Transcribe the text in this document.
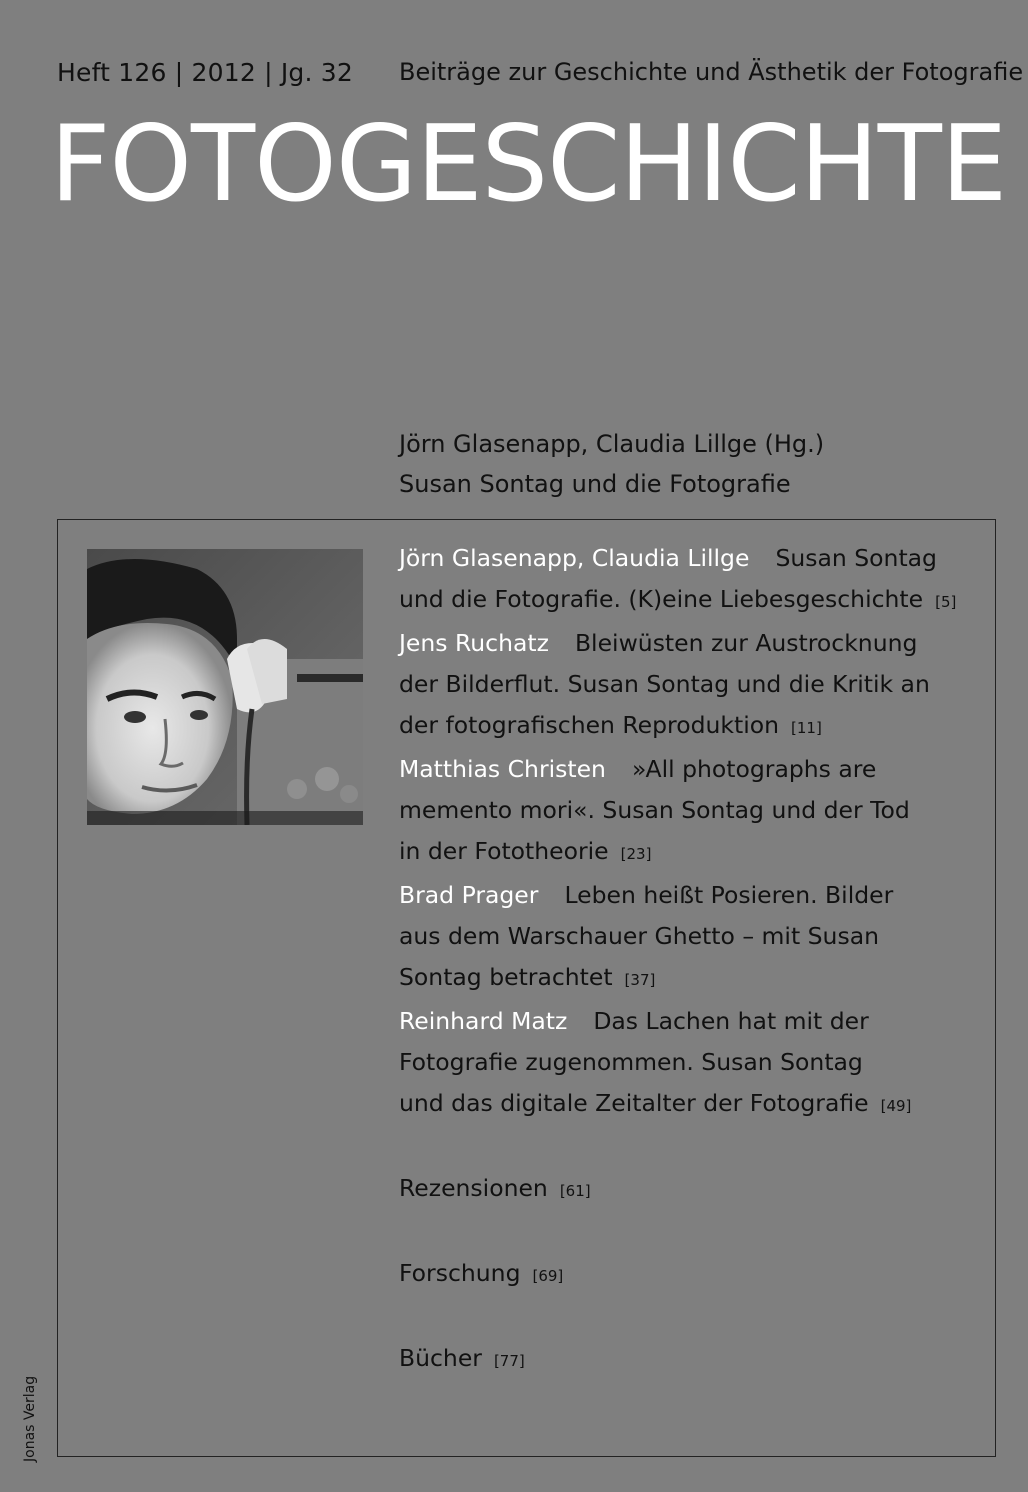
Heft 126 | 2012 | Jg. 32 Beiträge zur Geschichte und Ästhetik der Fotografie
FOTOGESCHICHTE
Jörn Glasenapp, Claudia Lillge (Hg.)
Susan Sontag und die Fotografie
Jörn Glasenapp, Claudia Lillge Susan Sontag
und die Fotografie. (K)eine Liebesgeschichte [5]
Jens Ruchatz Bleiwüsten zur Austrocknung
der Bilderflut. Susan Sontag und die Kritik an
der fotografischen Reproduktion [11]
Matthias Christen »All photographs are
memento mori«. Susan Sontag und der Tod
in der Fototheorie [23]
Brad Prager Leben heißt Posieren. Bilder
aus dem Warschauer Ghetto – mit Susan
Sontag betrachtet [37]
Reinhard Matz Das Lachen hat mit der
Fotografie zugenommen. Susan Sontag
und das digitale Zeitalter der Fotografie [49]
Rezensionen [61]
Forschung [69]
Bücher [77]
Jonas Verlag
